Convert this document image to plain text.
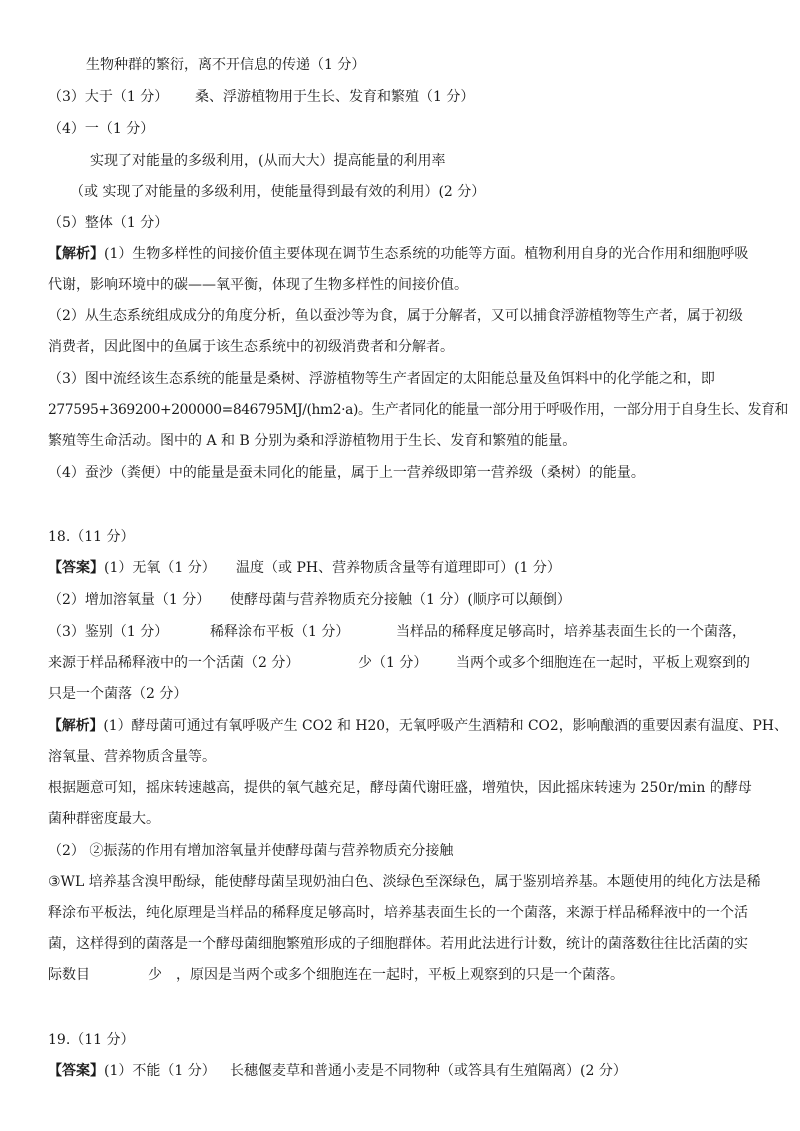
生物种群的繁衍，离不开信息的传递（1 分）
（3）大于（1 分） 桑、浮游植物用于生长、发育和繁殖（1 分）
（4）一（1 分）
实现了对能量的多级利用，(从而大大）提高能量的利用率
（或 实现了对能量的多级利用，使能量得到最有效的利用）(2 分）
（5）整体（1 分）
【解析】(1）生物多样性的间接价值主要体现在调节生态系统的功能等方面。植物利用自身的光合作用和细胞呼吸
代谢，影响环境中的碳——氧平衡，体现了生物多样性的间接价值。
（2）从生态系统组成成分的角度分析，鱼以蚕沙等为食，属于分解者，又可以捕食浮游植物等生产者，属于初级
消费者，因此图中的鱼属于该生态系统中的初级消费者和分解者。
（3）图中流经该生态系统的能量是桑树、浮游植物等生产者固定的太阳能总量及鱼饵料中的化学能之和，即
277595+369200+200000=846795MJ/(hm2·a)。生产者同化的能量一部分用于呼吸作用，一部分用于自身生长、发育和
繁殖等生命活动。图中的 A 和 B 分别为桑和浮游植物用于生长、发育和繁殖的能量。
（4）蚕沙（粪便）中的能量是蚕未同化的能量，属于上一营养级即第一营养级（桑树）的能量。
18.（11 分）
【答案】(1）无氧（1 分） 温度（或 PH、营养物质含量等有道理即可）(1 分）
（2）增加溶氧量（1 分） 使酵母菌与营养物质充分接触（1 分）(顺序可以颠倒）
（3）鉴别（1 分）	稀释涂布平板（1 分）	当样品的稀释度足够高时，培养基表面生长的一个菌落，
来源于样品稀释液中的一个活菌（2 分）	少（1 分） 当两个或多个细胞连在一起时，平板上观察到的
只是一个菌落（2 分）
【解析】(1）酵母菌可通过有氧呼吸产生 CO2 和 H20，无氧呼吸产生酒精和 CO2，影响酿酒的重要因素有温度、PH、
溶氧量、营养物质含量等。
根据题意可知，摇床转速越高，提供的氧气越充足，酵母菌代谢旺盛，增殖快，因此摇床转速为 250r/min 的酵母
菌种群密度最大。
（2） ②振荡的作用有增加溶氧量并使酵母菌与营养物质充分接触
③WL 培养基含溴甲酚绿，能使酵母菌呈现奶油白色、淡绿色至深绿色，属于鉴别培养基。本题使用的纯化方法是稀
释涂布平板法，纯化原理是当样品的稀释度足够高时，培养基表面生长的一个菌落，来源于样品稀释液中的一个活
菌，这样得到的菌落是一个酵母菌细胞繁殖形成的子细胞群体。若用此法进行计数，统计的菌落数往往比活菌的实
际数目	少 ，原因是当两个或多个细胞连在一起时，平板上观察到的只是一个菌落。
19.（11 分）
【答案】(1）不能（1 分） 长穗偃麦草和普通小麦是不同物种（或答具有生殖隔离）(2 分）
